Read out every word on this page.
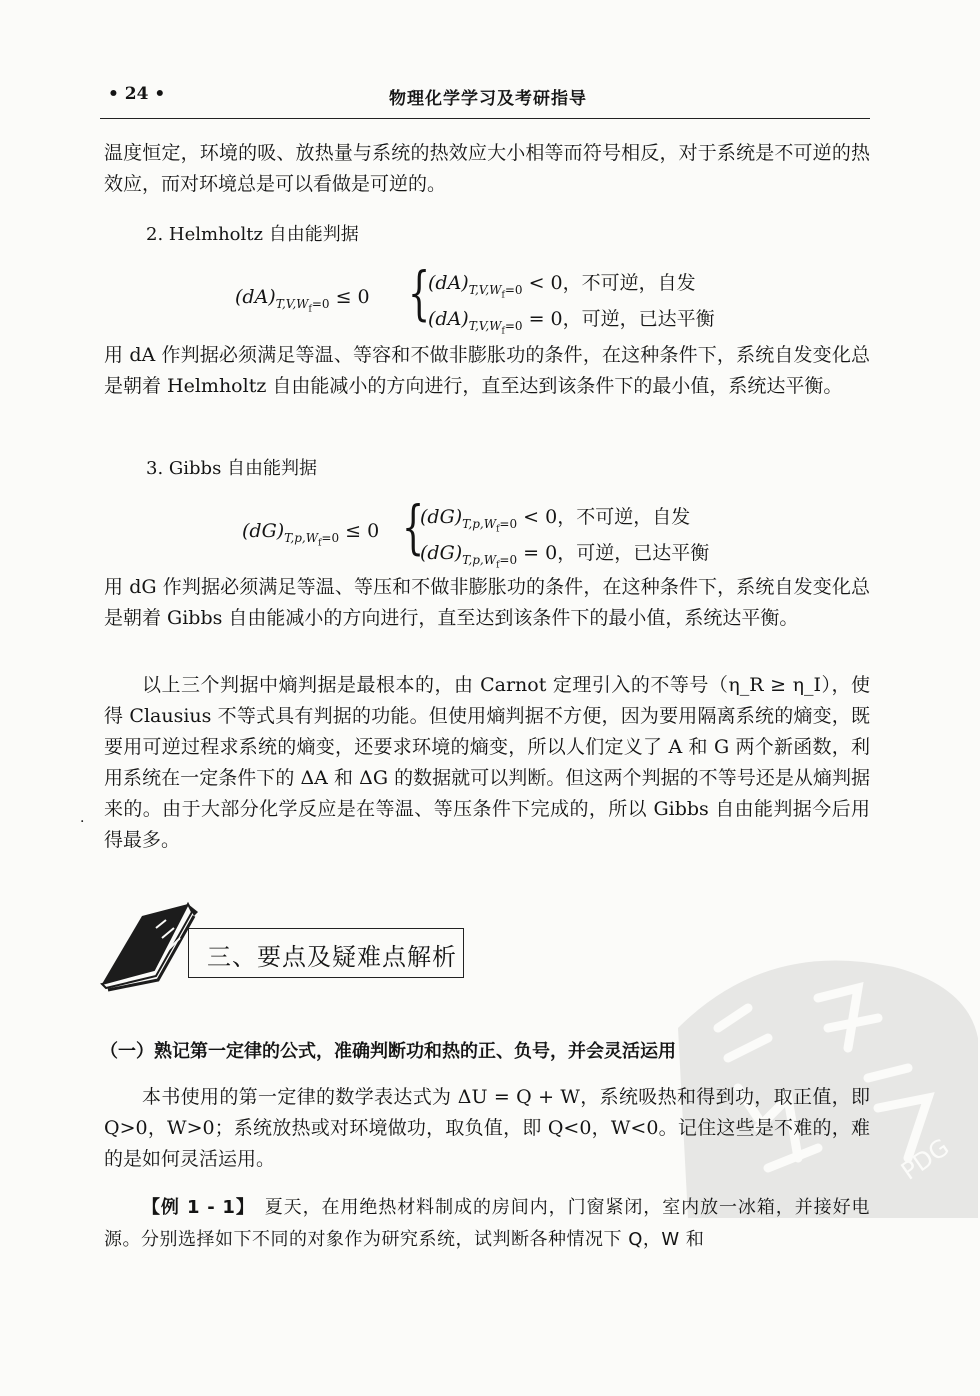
• 24 •	物理化学学习及考研指导
温度恒定，环境的吸、放热量与系统的热效应大小相等而符号相反，对于系统是不可逆的热效应，而对环境总是可以看做是可逆的。
2. Helmholtz 自由能判据
$(dA)_{T,V,W_f=0} \le 0$ {
$(dA)_{T,V,W_f=0} < 0$，不可逆，自发
$(dA)_{T,V,W_f=0} = 0$，可逆，已达平衡
用 dA 作判据必须满足等温、等容和不做非膨胀功的条件，在这种条件下，系统自发变化总是朝着 Helmholtz 自由能减小的方向进行，直至达到该条件下的最小值，系统达平衡。
3. Gibbs 自由能判据
$(dG)_{T,p,W_f=0} \le 0$ {
$(dG)_{T,p,W_f=0} < 0$，不可逆，自发
$(dG)_{T,p,W_f=0} = 0$，可逆，已达平衡
用 dG 作判据必须满足等温、等压和不做非膨胀功的条件，在这种条件下，系统自发变化总是朝着 Gibbs 自由能减小的方向进行，直至达到该条件下的最小值，系统达平衡。
以上三个判据中熵判据是最根本的，由 Carnot 定理引入的不等号（η_R ≥ η_I），使得 Clausius 不等式具有判据的功能。但使用熵判据不方便，因为要用隔离系统的熵变，既要用可逆过程求系统的熵变，还要求环境的熵变，所以人们定义了 A 和 G 两个新函数，利用系统在一定条件下的 ΔA 和 ΔG 的数据就可以判断。但这两个判据的不等号还是从熵判据来的。由于大部分化学反应是在等温、等压条件下完成的，所以 Gibbs 自由能判据今后用得最多。
·
三、要点及疑难点解析
PDG
（一）熟记第一定律的公式，准确判断功和热的正、负号，并会灵活运用
本书使用的第一定律的数学表达式为 ΔU = Q + W，系统吸热和得到功，取正值，即 Q>0，W>0；系统放热或对环境做功，取负值，即 Q<0，W<0。记住这些是不难的，难的是如何灵活运用。
【例 1 - 1】　 夏天，在用绝热材料制成的房间内，门窗紧闭，室内放一冰箱，并接好电源。分别选择如下不同的对象作为研究系统，试判断各种情况下 Q，W 和
